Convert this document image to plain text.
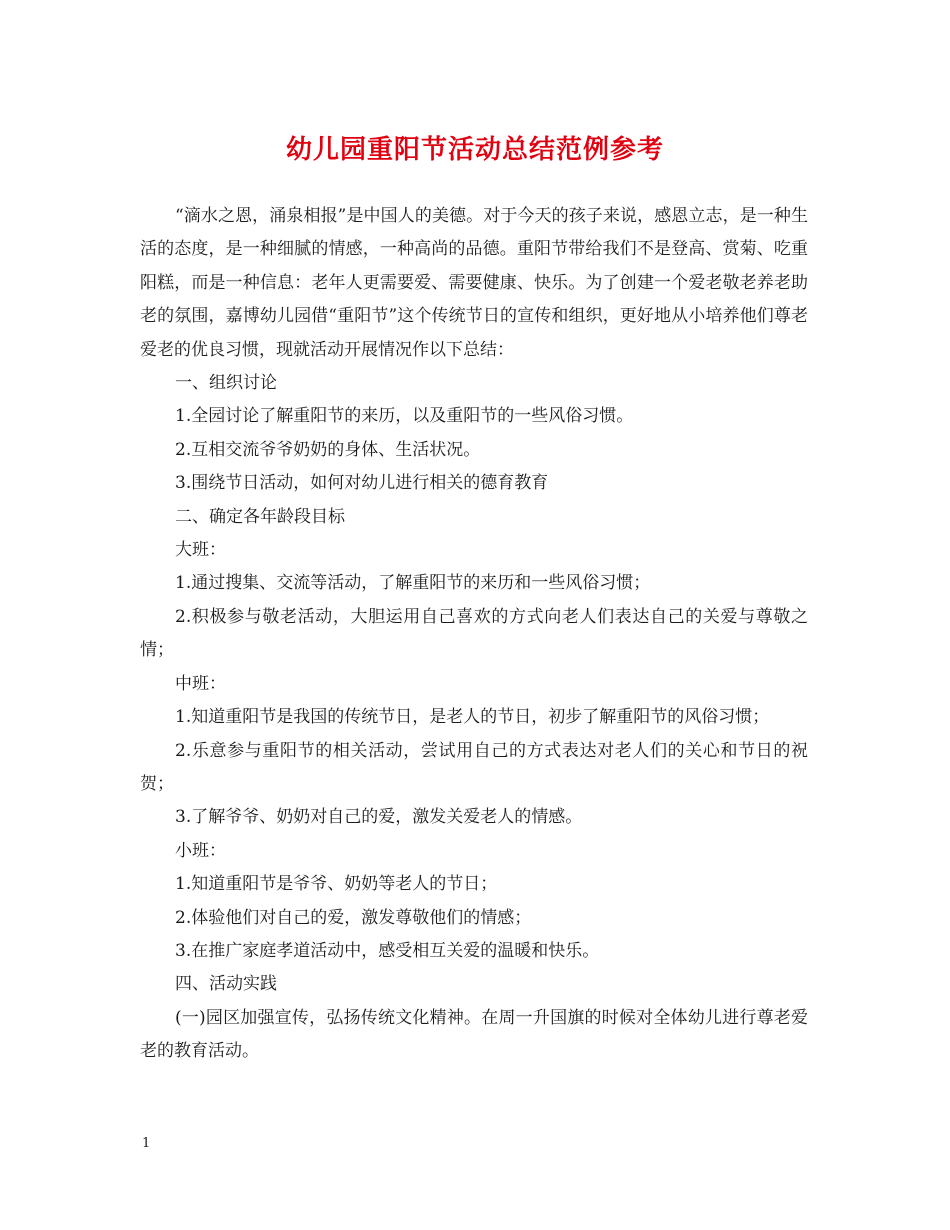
幼儿园重阳节活动总结范例参考

“滴水之恩，涌泉相报”是中国人的美德。对于今天的孩子来说，感恩立志，是一种生活的态度，是一种细腻的情感，一种高尚的品德。重阳节带给我们不是登高、赏菊、吃重阳糕，而是一种信息：老年人更需要爱、需要健康、快乐。为了创建一个爱老敬老养老助老的氛围，嘉博幼儿园借“重阳节”这个传统节日的宣传和组织，更好地从小培养他们尊老爱老的优良习惯，现就活动开展情况作以下总结：

一、组织讨论

1.全园讨论了解重阳节的来历，以及重阳节的一些风俗习惯。

2.互相交流爷爷奶奶的身体、生活状况。

3.围绕节日活动，如何对幼儿进行相关的德育教育

二、确定各年龄段目标

大班：

1.通过搜集、交流等活动，了解重阳节的来历和一些风俗习惯；

2.积极参与敬老活动，大胆运用自己喜欢的方式向老人们表达自己的关爱与尊敬之情；

中班：

1.知道重阳节是我国的传统节日，是老人的节日，初步了解重阳节的风俗习惯；

2.乐意参与重阳节的相关活动，尝试用自己的方式表达对老人们的关心和节日的祝贺；

3.了解爷爷、奶奶对自己的爱，激发关爱老人的情感。

小班：

1.知道重阳节是爷爷、奶奶等老人的节日；

2.体验他们对自己的爱，激发尊敬他们的情感；

3.在推广家庭孝道活动中，感受相互关爱的温暖和快乐。

四、活动实践

(一)园区加强宣传，弘扬传统文化精神。在周一升国旗的时候对全体幼儿进行尊老爱老的教育活动。

1
